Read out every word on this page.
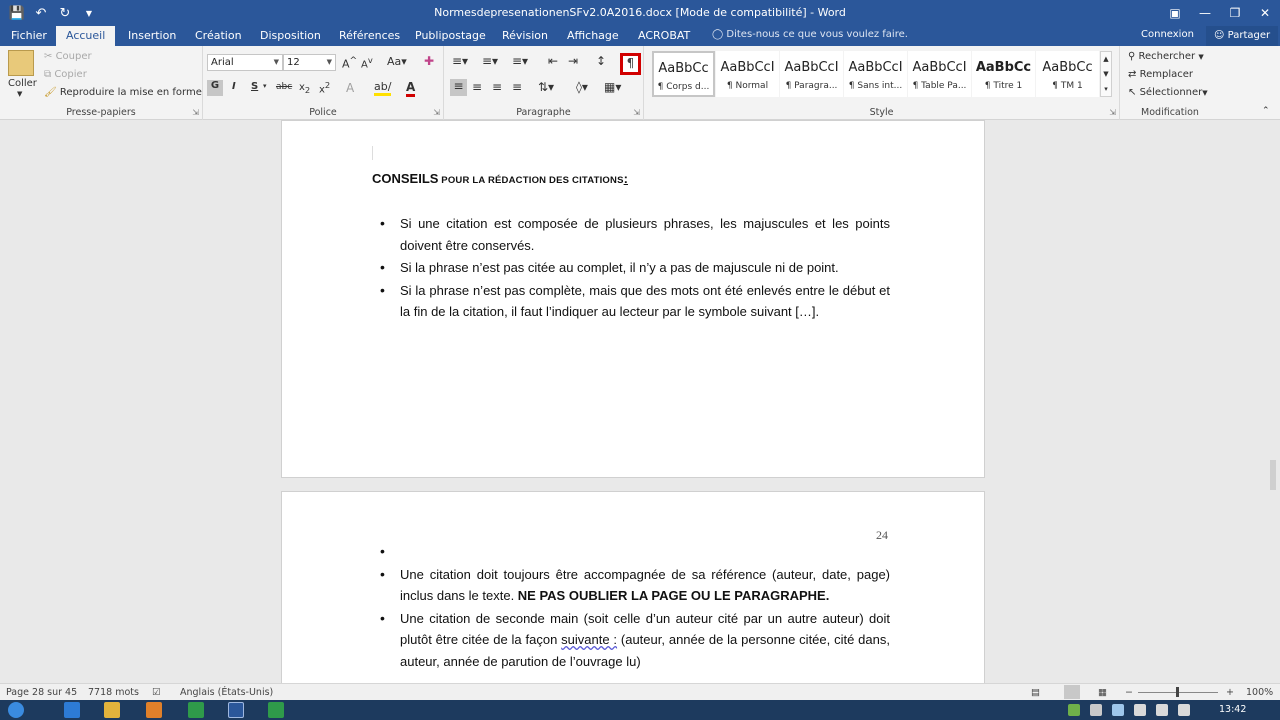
💾 ↶	↻	▼	NormesdepresenationenSFv2.0A2016.docx [Mode de compatibilité] - Word	▣	—	❐	✕
Fichier	Accueil	Insertion	Création	Disposition	Références	Publipostage	Révision	Affichage	ACROBAT	◯ Dites-nous ce que vous voulez faire.	Connexion	☺ Partager
Coller
▼
✂ Couper
⧉ Copier
🖌 Reproduire la mise en forme
Presse-papiers	⇲
Arial	▼ 12	▼ A^ $A^v$ Aa▾ ✚
G	I S ▾ abc $x_2$ $x^2$ A ab∕ A
Police	⇲
≡▾ ≡▾ ≡▾ ⇤ ⇥ ↕	¶
≡ ≡ ≡ ≡ ⇅▾ ◊▾ ▦▾
Paragraphe	⇲
AaBbCc
¶ Corps d...
AaBbCcI
¶ Normal
AaBbCcI
¶ Paragra...
AaBbCcI
¶ Sans int...
AaBbCcI
¶ Table Pa...
AaBbCc
¶ Titre 1
AaBbCc
¶ TM 1
▲
▼
▾
Style	⇲
⚲ Rechercher ▼
⇄ Remplacer
↖ Sélectionner▼
Modification	⌃
CONSEILS POUR LA RÉDACTION DES CITATIONS:
• Si une citation est composée de plusieurs phrases, les majuscules et les points doivent être conservés.
• Si la phrase n’est pas citée au complet, il n’y a pas de majuscule ni de point.
• Si la phrase n’est pas complète, mais que des mots ont été enlevés entre le début et la fin de la citation, il faut l’indiquer au lecteur par le symbole suivant […].
24
•
• Une citation doit toujours être accompagnée de sa référence (auteur, date, page) inclus dans le texte. NE PAS OUBLIER LA PAGE OU LE PARAGRAPHE.
• Une citation de seconde main (soit celle d’un auteur cité par un autre auteur) doit plutôt être citée de la façon suivante : (auteur, année de la personne citée, cité dans, auteur, année de parution de l’ouvrage lu)
Page 28 sur 45 7718 mots ☑ Anglais (États-Unis)	▤	▦ −	+ 100%
13:42
